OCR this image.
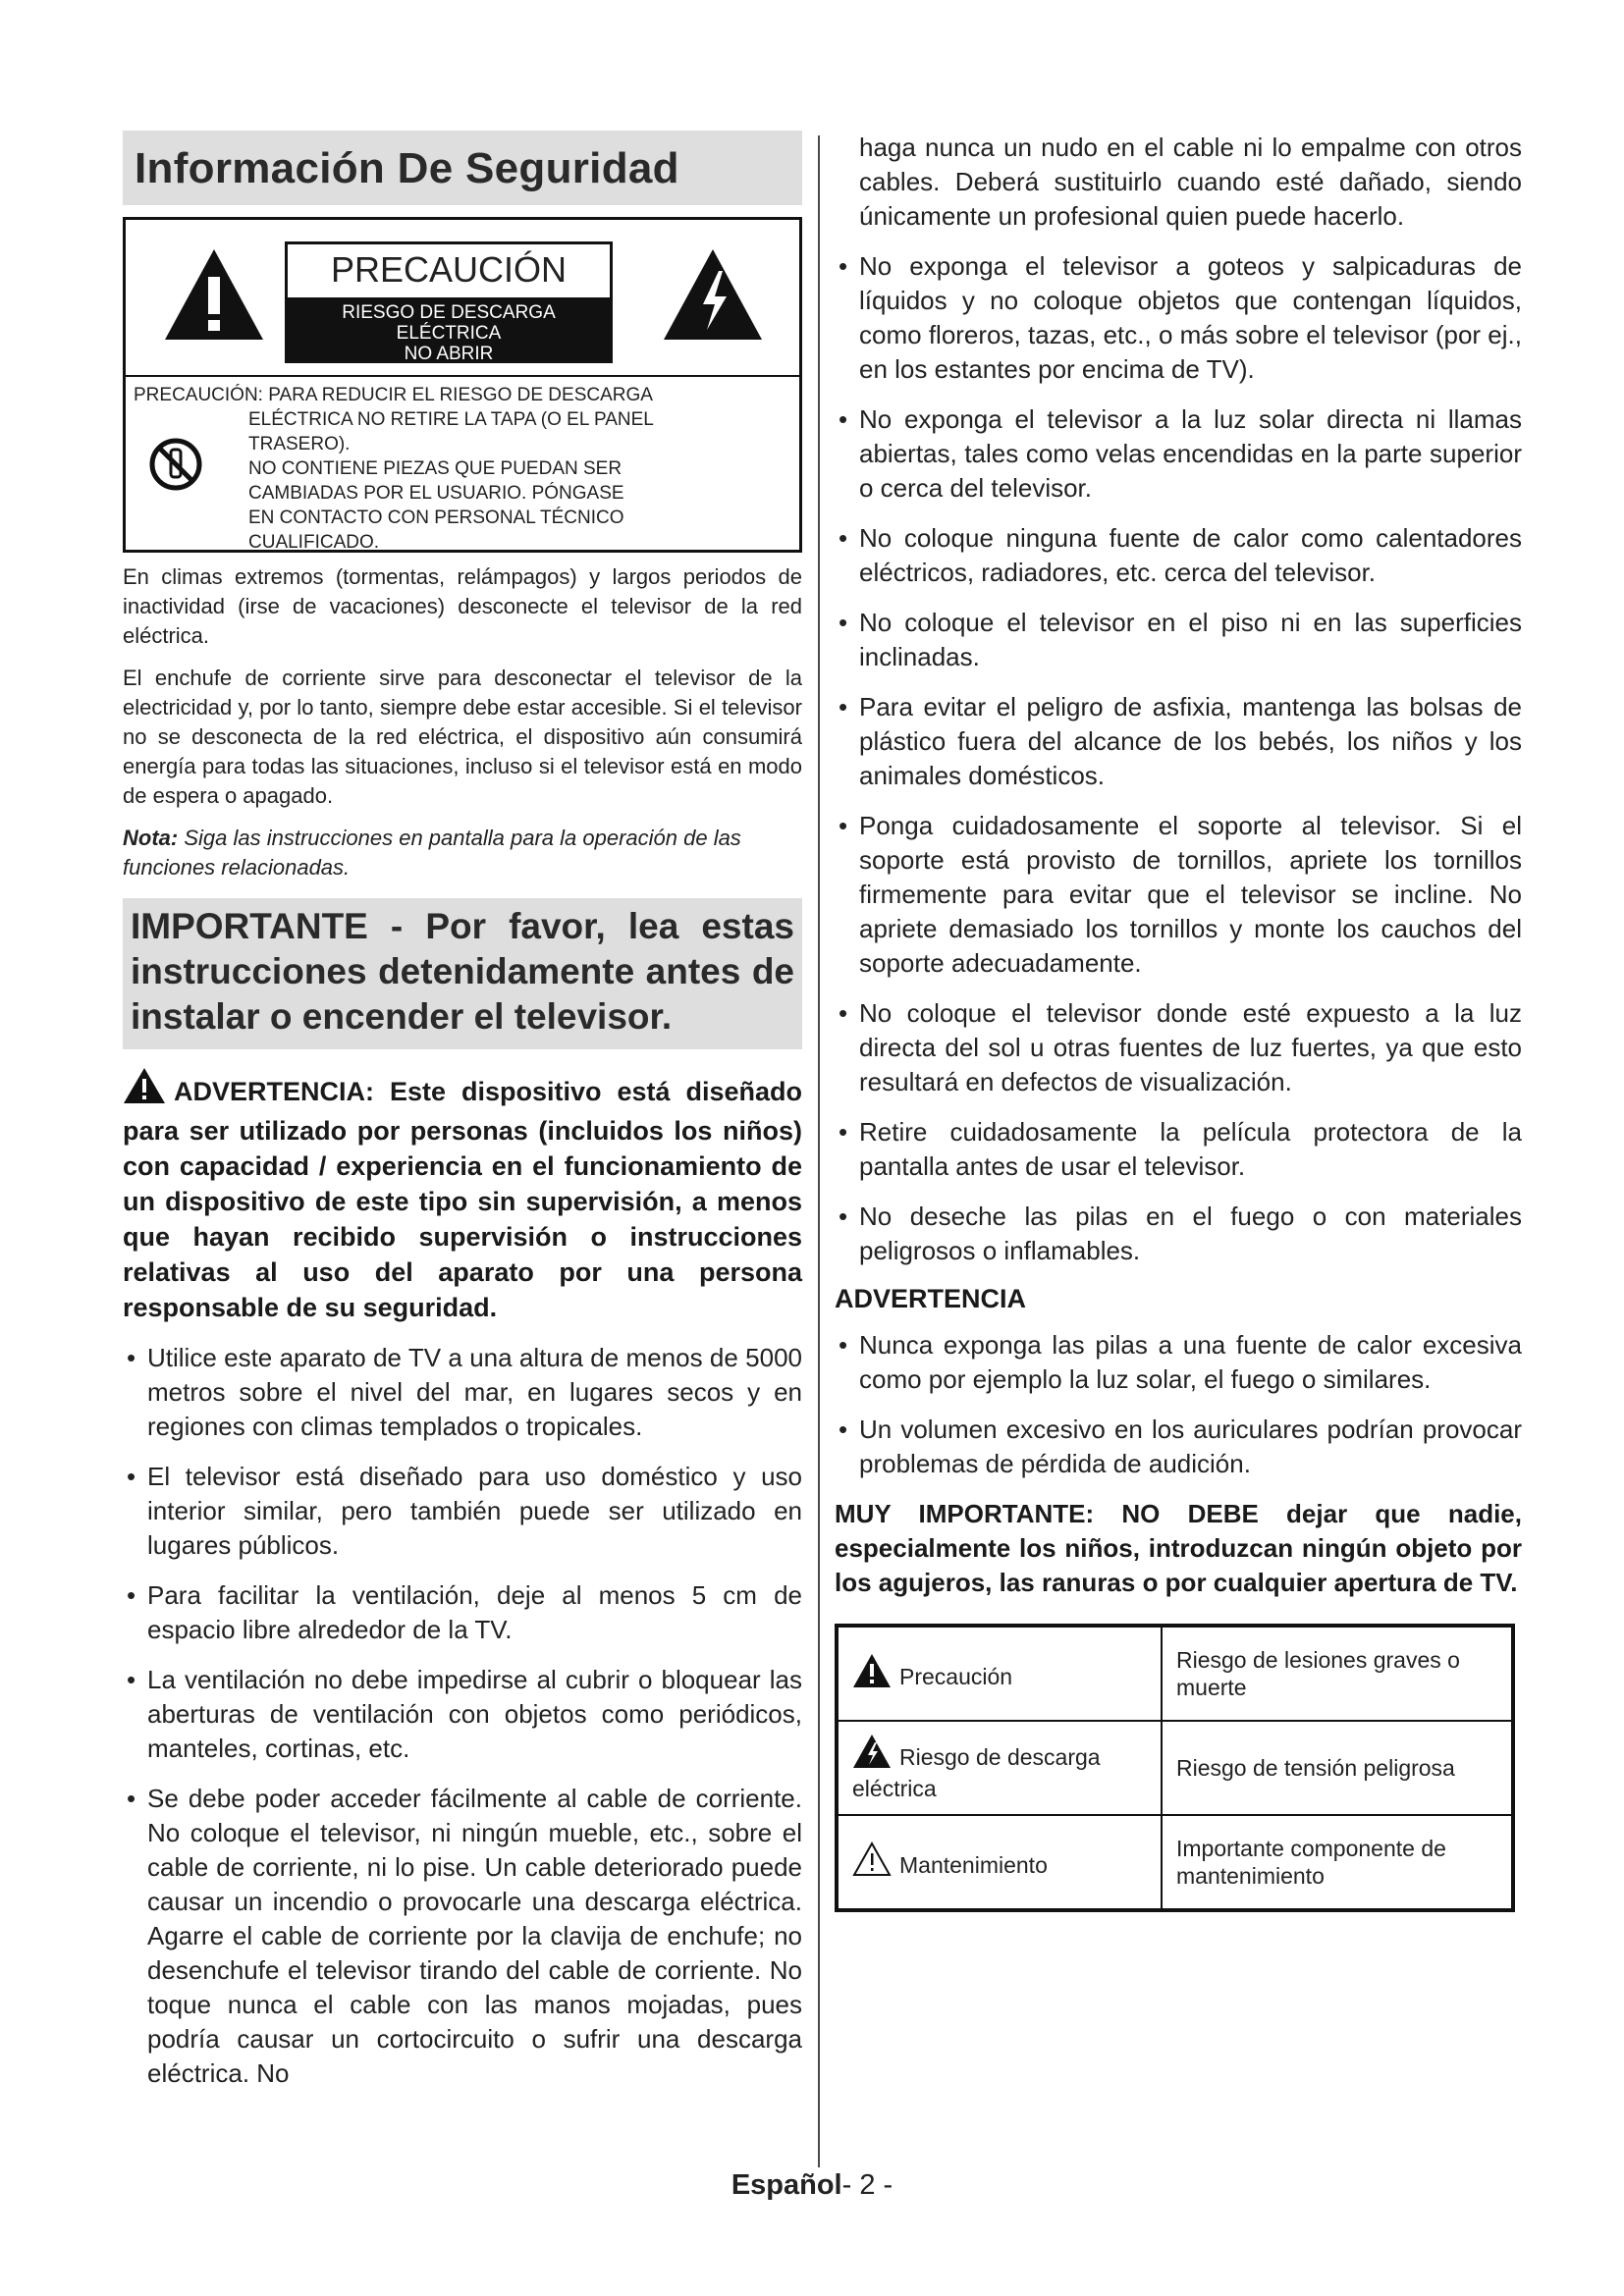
Información De Seguridad
PRECAUCIÓN
RIESGO DE DESCARGA
ELÉCTRICA
NO ABRIR
PRECAUCIÓN: PARA REDUCIR EL RIESGO DE DESCARGA
ELÉCTRICA NO RETIRE LA TAPA (O EL PANEL
TRASERO).
NO CONTIENE PIEZAS QUE PUEDAN SER
CAMBIADAS POR EL USUARIO. PÓNGASE
EN CONTACTO CON PERSONAL TÉCNICO
CUALIFICADO.

En climas extremos (tormentas, relámpagos) y largos periodos de inactividad (irse de vacaciones) desconecte el televisor de la red eléctrica.

El enchufe de corriente sirve para desconectar el televisor de la electricidad y, por lo tanto, siempre debe estar accesible. Si el televisor no se desconecta de la red eléctrica, el dispositivo aún consumirá energía para todas las situaciones, incluso si el televisor está en modo de espera o apagado.

Nota: Siga las instrucciones en pantalla para la operación de las funciones relacionadas.

IMPORTANTE - Por favor, lea estas instrucciones detenidamente antes de instalar o encender el televisor.
ADVERTENCIA: Este dispositivo está diseñado para ser utilizado por personas (incluidos los niños) con capacidad / experiencia en el funcionamiento de un dispositivo de este tipo sin supervisión, a menos que hayan recibido supervisión o instrucciones relativas al uso del aparato por una persona responsable de su seguridad.
• Utilice este aparato de TV a una altura de menos de 5000 metros sobre el nivel del mar, en lugares secos y en regiones con climas templados o tropicales.
• El televisor está diseñado para uso doméstico y uso interior similar, pero también puede ser utilizado en lugares públicos.
• Para facilitar la ventilación, deje al menos 5 cm de espacio libre alrededor de la TV.
• La ventilación no debe impedirse al cubrir o bloquear las aberturas de ventilación con objetos como periódicos, manteles, cortinas, etc.
• Se debe poder acceder fácilmente al cable de corriente. No coloque el televisor, ni ningún mueble, etc., sobre el cable de corriente, ni lo pise. Un cable deteriorado puede causar un incendio o provocarle una descarga eléctrica. Agarre el cable de corriente por la clavija de enchufe; no desenchufe el televisor tirando del cable de corriente. No toque nunca el cable con las manos mojadas, pues podría causar un cortocircuito o sufrir una descarga eléctrica. No
haga nunca un nudo en el cable ni lo empalme con otros cables. Deberá sustituirlo cuando esté dañado, siendo únicamente un profesional quien puede hacerlo.
• No exponga el televisor a goteos y salpicaduras de líquidos y no coloque objetos que contengan líquidos, como floreros, tazas, etc., o más sobre el televisor (por ej., en los estantes por encima de TV).
• No exponga el televisor a la luz solar directa ni llamas abiertas, tales como velas encendidas en la parte superior o cerca del televisor.
• No coloque ninguna fuente de calor como calentadores eléctricos, radiadores, etc. cerca del televisor.
• No coloque el televisor en el piso ni en las superficies inclinadas.
• Para evitar el peligro de asfixia, mantenga las bolsas de plástico fuera del alcance de los bebés, los niños y los animales domésticos.
• Ponga cuidadosamente el soporte al televisor. Si el soporte está provisto de tornillos, apriete los tornillos firmemente para evitar que el televisor se incline. No apriete demasiado los tornillos y monte los cauchos del soporte adecuadamente.
• No coloque el televisor donde esté expuesto a la luz directa del sol u otras fuentes de luz fuertes, ya que esto resultará en defectos de visualización.
• Retire cuidadosamente la película protectora de la pantalla antes de usar el televisor.
• No deseche las pilas en el fuego o con materiales peligrosos o inflamables.
ADVERTENCIA
• Nunca exponga las pilas a una fuente de calor excesiva como por ejemplo la luz solar, el fuego o similares.
• Un volumen excesivo en los auriculares podrían provocar problemas de pérdida de audición.
MUY IMPORTANTE: NO DEBE dejar que nadie, especialmente los niños, introduzcan ningún objeto por los agujeros, las ranuras o por cualquier apertura de TV.
Precaución	Riesgo de lesiones graves o muerte
Riesgo de descarga eléctrica	Riesgo de tensión peligrosa
Mantenimiento	Importante componente de mantenimiento
Español- 2 -
